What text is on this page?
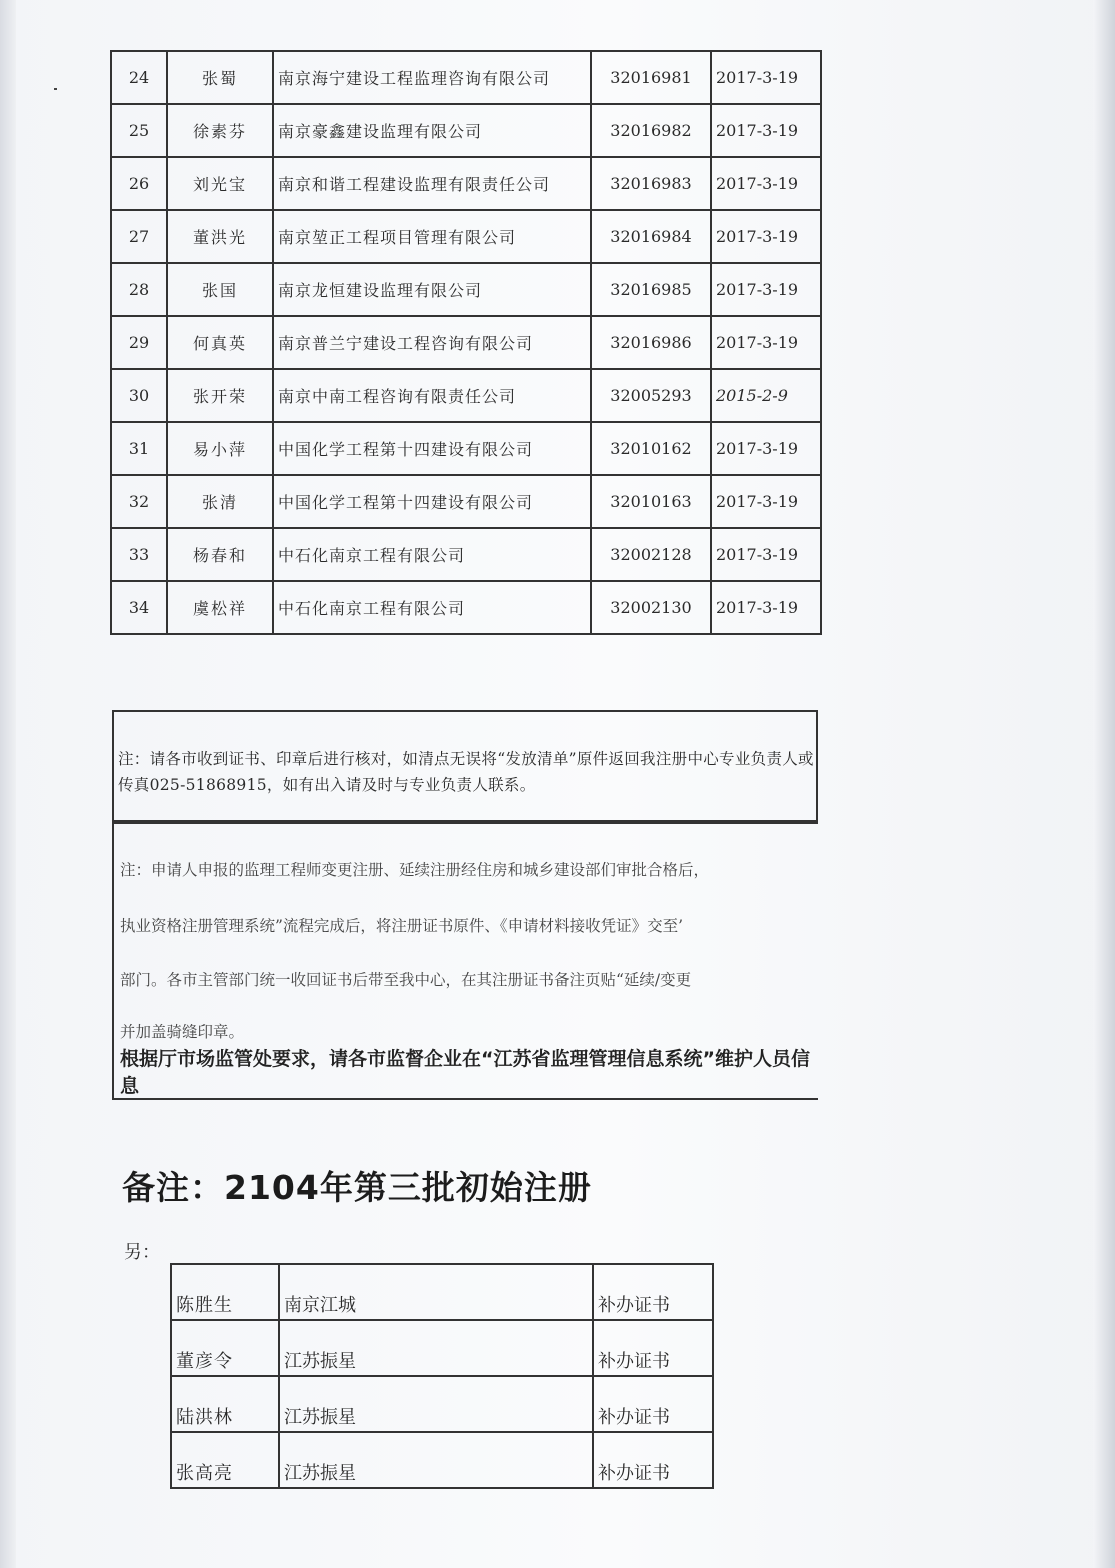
24	张蜀	南京海宁建设工程监理咨询有限公司	32016981	2017-3-19
25	徐素芬	南京豪鑫建设监理有限公司	32016982	2017-3-19
26	刘光宝	南京和谐工程建设监理有限责任公司	32016983	2017-3-19
27	董洪光	南京堃正工程项目管理有限公司	32016984	2017-3-19
28	张国	南京龙恒建设监理有限公司	32016985	2017-3-19
29	何真英	南京普兰宁建设工程咨询有限公司	32016986	2017-3-19
30	张开荣	南京中南工程咨询有限责任公司	32005293	2015-2-9
31	易小萍	中国化学工程第十四建设有限公司	32010162	2017-3-19
32	张清	中国化学工程第十四建设有限公司	32010163	2017-3-19
33	杨春和	中石化南京工程有限公司	32002128	2017-3-19
34	虞松祥	中石化南京工程有限公司	32002130	2017-3-19

注：请各市收到证书、印章后进行核对，如清点无误将“发放清单”原件返回我注册中心专业负责人或传真025-51868915，如有出入请及时与专业负责人联系。

注：申请人申报的监理工程师变更注册、延续注册经住房和城乡建设部们审批合格后，
执业资格注册管理系统”流程完成后，将注册证书原件、《申请材料接收凭证》交至’
部门。各市主管部门统一收回证书后带至我中心，在其注册证书备注页贴“延续/变更
并加盖骑缝印章。
根据厅市场监管处要求，请各市监督企业在“江苏省监理管理信息系统”维护人员信息
备注：2104年第三批初始注册
另：
陈胜生	南京江城	补办证书
董彦令	江苏振星	补办证书
陆洪林	江苏振星	补办证书
张高亮	江苏振星	补办证书
